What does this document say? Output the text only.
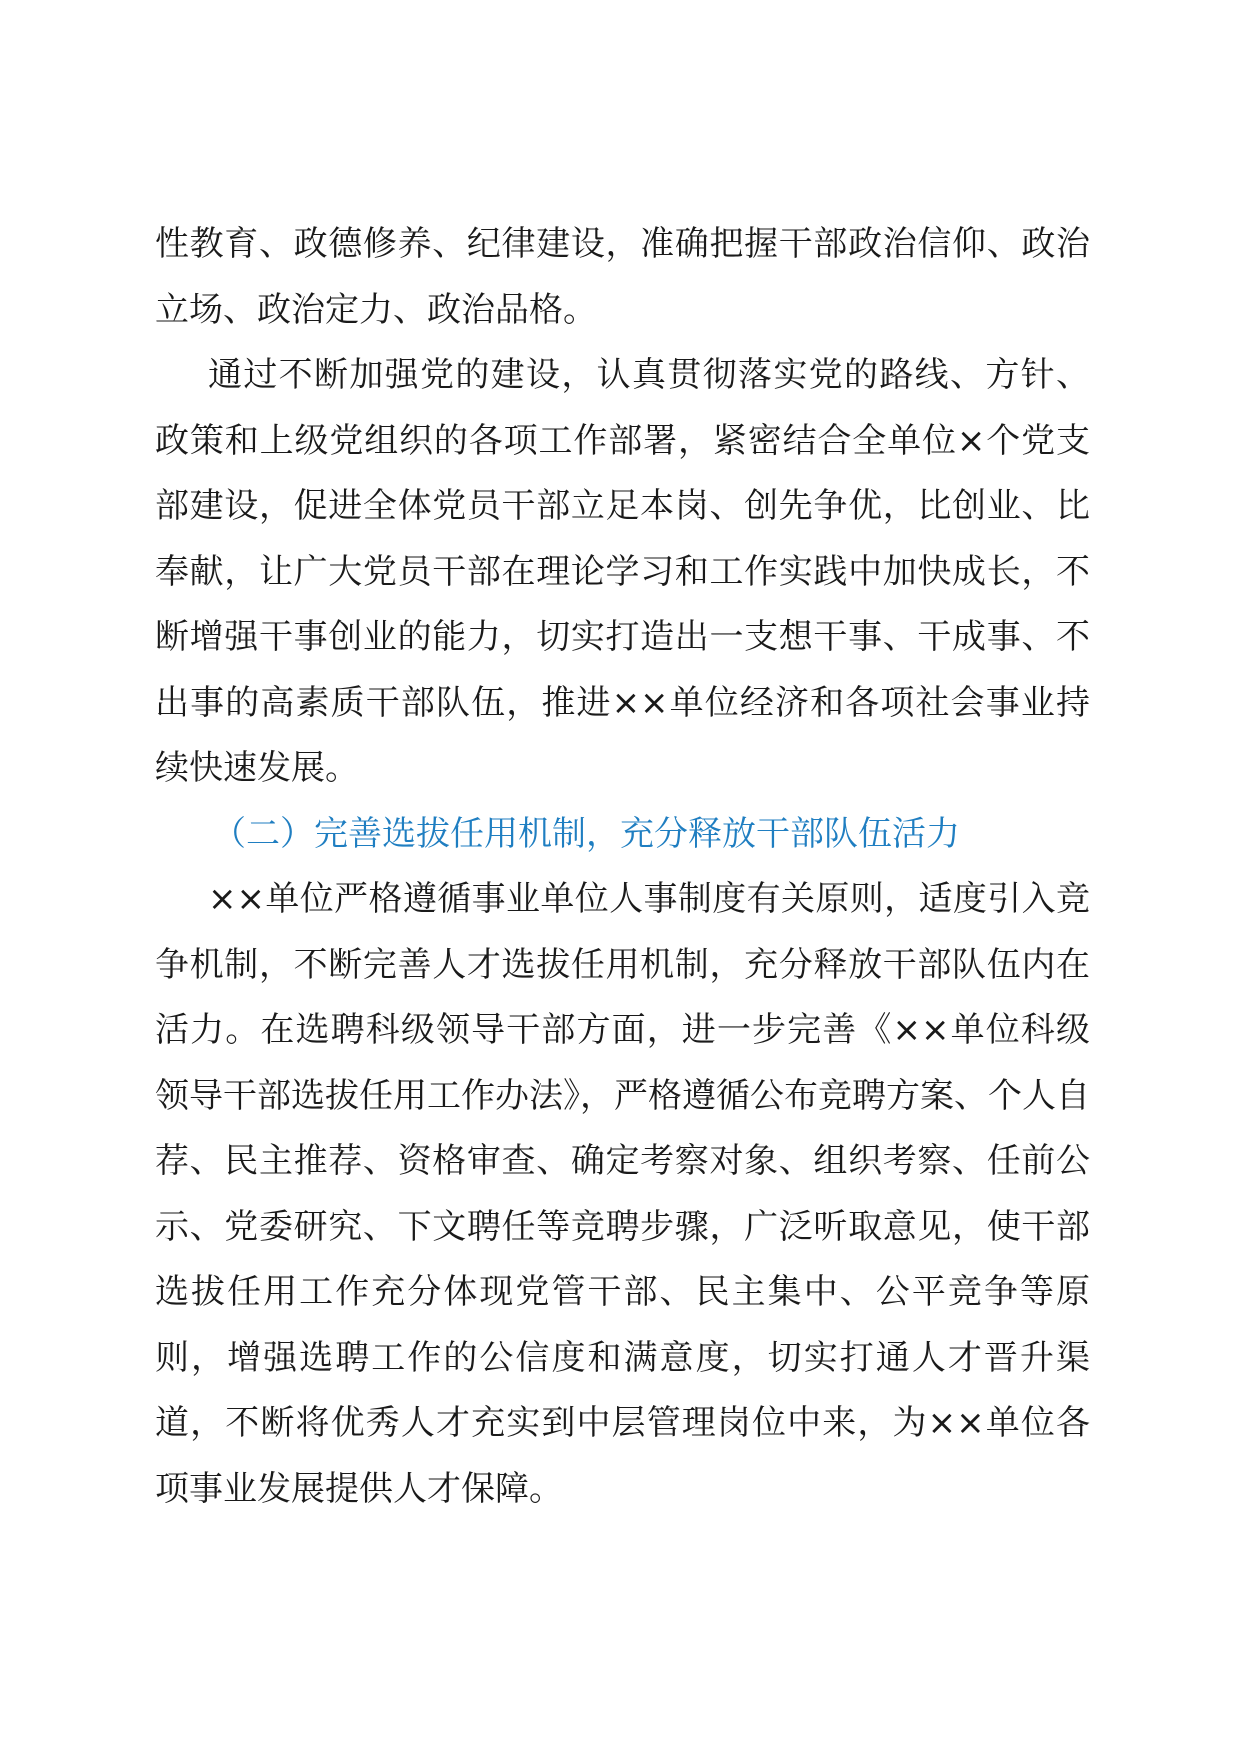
性教育、政德修养、纪律建设，准确把握干部政治信仰、政治立场、政治定力、政治品格。

通过不断加强党的建设，认真贯彻落实党的路线、方针、政策和上级党组织的各项工作部署，紧密结合全单位×个党支部建设，促进全体党员干部立足本岗、创先争优，比创业、比奉献，让广大党员干部在理论学习和工作实践中加快成长，不断增强干事创业的能力，切实打造出一支想干事、干成事、不出事的高素质干部队伍，推进××单位经济和各项社会事业持续快速发展。

（二）完善选拔任用机制，充分释放干部队伍活力

××单位严格遵循事业单位人事制度有关原则，适度引入竞争机制，不断完善人才选拔任用机制，充分释放干部队伍内在活力。在选聘科级领导干部方面，进一步完善《××单位科级领导干部选拔任用工作办法》，严格遵循公布竞聘方案、个人自荐、民主推荐、资格审查、确定考察对象、组织考察、任前公示、党委研究、下文聘任等竞聘步骤，广泛听取意见，使干部选拔任用工作充分体现党管干部、民主集中、公平竞争等原则，增强选聘工作的公信度和满意度，切实打通人才晋升渠道，不断将优秀人才充实到中层管理岗位中来，为××单位各项事业发展提供人才保障。
